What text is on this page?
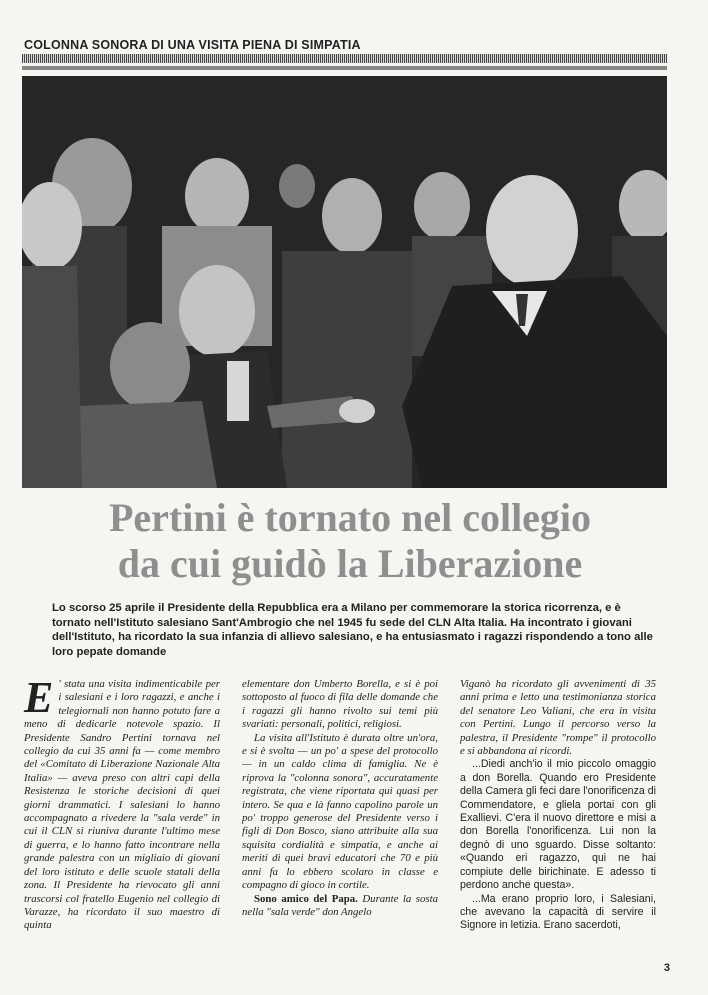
COLONNA SONORA DI UNA VISITA PIENA DI SIMPATIA
Pertini è tornato nel collegio
da cui guidò la Liberazione
Lo scorso 25 aprile il Presidente della Repubblica era a Milano per commemorare la storica ricorrenza, e è tornato nell'Istituto salesiano Sant'Ambrogio che nel 1945 fu sede del CLN Alta Italia. Ha incontrato i giovani dell'Istituto, ha ricordato la sua infanzia di allievo salesiano, e ha entusiasmato i ragazzi rispondendo a tono alle loro pepate domande

E ' stata una visita indimenticabile per i salesiani e i loro ragazzi, e anche i telegiornali non hanno potuto fare a meno di dedicarle notevole spazio. Il Presidente Sandro Pertini tornava nel collegio da cui 35 anni fa — come membro del «Comitato di Liberazione Nazionale Alta Italia» — aveva preso con altri capi della Resistenza le storiche decisioni di quei giorni drammatici. I salesiani lo hanno accompagnato a rivedere la "sala verde" in cui il CLN si riuniva durante l'ultimo mese di guerra, e lo hanno fatto incontrare nella grande palestra con un migliaio di giovani del loro istituto e delle scuole statali della zona. Il Presidente ha rievocato gli anni trascorsi col fratello Eugenio nel collegio di Varazze, ha ricordato il suo maestro di quinta

elementare don Umberto Borella, e si è poi sottoposto al fuoco di fila delle domande che i ragazzi gli hanno rivolto sui temi più svariati: personali, politici, religiosi.

La visita all'Istituto è durata oltre un'ora, e si è svolta — un po' a spese del protocollo — in un caldo clima di famiglia. Ne è riprova la "colonna sonora", accuratamente registrata, che viene riportata qui quasi per intero. Se qua e là fanno capolino parole un po' troppo generose del Presidente verso i figli di Don Bosco, siano attribuite alla sua squisita cordialità e simpatia, e anche ai meriti di quei bravi educatori che 70 e più anni fa lo ebbero scolaro in classe e compagno di gioco in cortile.

Sono amico del Papa. Durante la sosta nella "sala verde" don Angelo

Viganò ha ricordato gli avvenimenti di 35 anni prima e letto una testimonianza storica del senatore Leo Valiani, che era in visita con Pertini. Lungo il percorso verso la palestra, il Presidente "rompe" il protocollo e si abbandona ai ricordi.

...Diedi anch'io il mio piccolo omaggio a don Borella. Quando ero Presidente della Camera gli feci dare l'onorificenza di Commendatore, e gliela portai con gli Exallievi. C'era il nuovo direttore e misi a don Borella l'onorificenza. Lui non la degnò di uno sguardo. Disse soltanto: «Quando eri ragazzo, qui ne hai compiute delle birichinate. E adesso ti perdono anche questa».

...Ma erano proprio loro, i Salesiani, che avevano la capacità di servire il Signore in letizia. Erano sacerdoti,

3
